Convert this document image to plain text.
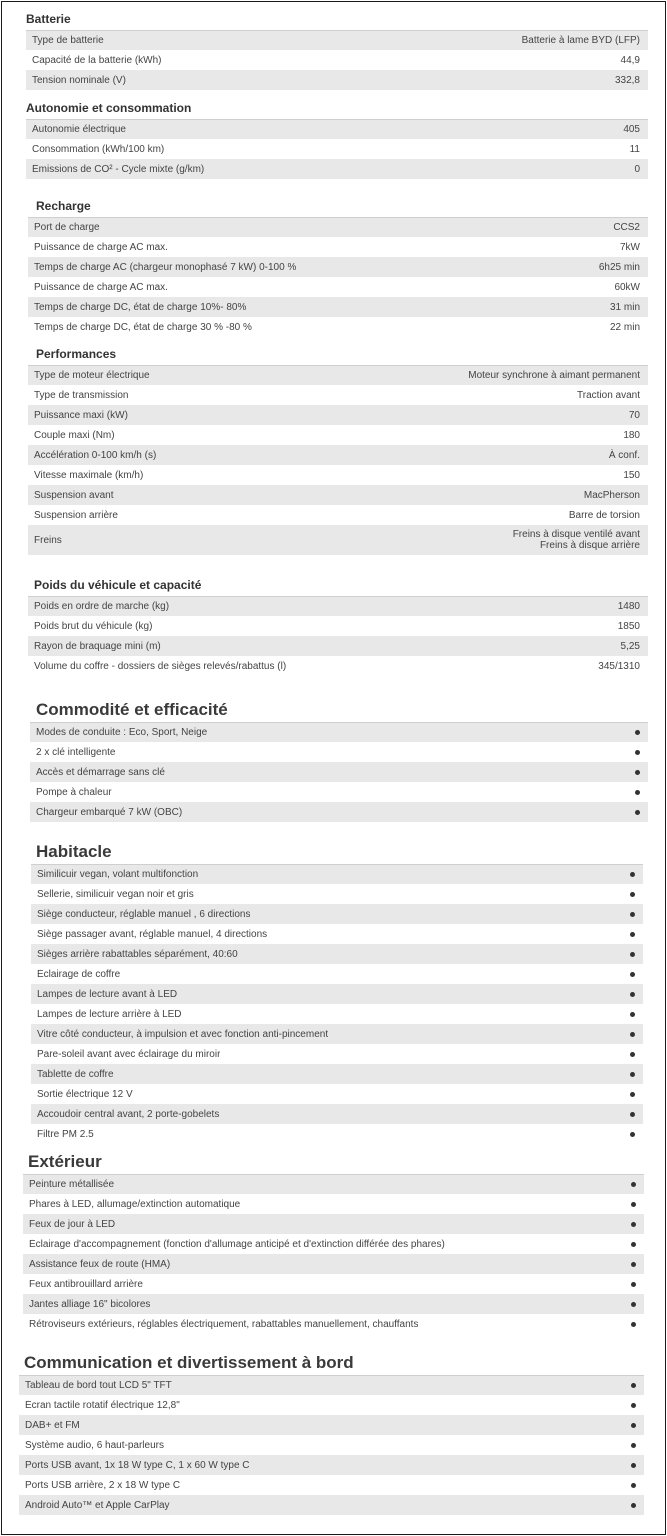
Batterie
Type de batterie	Batterie à lame BYD (LFP)
Capacité de la batterie (kWh)	44,9
Tension nominale (V)	332,8
Autonomie et consommation
Autonomie électrique	405
Consommation (kWh/100 km)	11
Émissions de CO² - Cycle mixte (g/km)	0
Recharge
Port de charge	CCS2
Puissance de charge AC max.	7kW
Temps de charge AC (chargeur monophasé 7 kW) 0-100 %	6h25 min
Puissance de charge AC max.	60kW
Temps de charge DC, état de charge 10%- 80%	31 min
Temps de charge DC, état de charge 30 % -80 %	22 min
Performances
Type de moteur électrique	Moteur synchrone à aimant permanent
Type de transmission	Traction avant
Puissance maxi (kW)	70
Couple maxi (Nm)	180
Accélération 0-100 km/h (s)	À conf.
Vitesse maximale (km/h)	150
Suspension avant	MacPherson
Suspension arrière	Barre de torsion
Freins	Freins à disque ventilé avant
Freins à disque arrière
Poids du véhicule et capacité
Poids en ordre de marche (kg)	1480
Poids brut du véhicule (kg)	1850
Rayon de braquage mini (m)	5,25
Volume du coffre - dossiers de sièges relevés/rabattus (l)	345/1310
Commodité et efficacité
Modes de conduite : Eco, Sport, Neige
2 x clé intelligente
Accès et démarrage sans clé
Pompe à chaleur
Chargeur embarqué 7 kW (OBC)
Habitacle
Similicuir vegan, volant multifonction
Sellerie, similicuir vegan noir et gris
Siège conducteur, réglable manuel , 6 directions
Siège passager avant, réglable manuel, 4 directions
Sièges arrière rabattables séparément, 40:60
Éclairage de coffre
Lampes de lecture avant à LED
Lampes de lecture arrière à LED
Vitre côté conducteur, à impulsion et avec fonction anti-pincement
Pare-soleil avant avec éclairage du miroir
Tablette de coffre
Sortie électrique 12 V
Accoudoir central avant, 2 porte-gobelets
Filtre PM 2.5
Extérieur
Peinture métallisée
Phares à LED, allumage/extinction automatique
Feux de jour à LED
Éclairage d'accompagnement (fonction d'allumage anticipé et d'extinction différée des phares)
Assistance feux de route (HMA)
Feux antibrouillard arrière
Jantes alliage 16" bicolores
Rétroviseurs extérieurs, réglables électriquement, rabattables manuellement, chauffants
Communication et divertissement à bord
Tableau de bord tout LCD 5" TFT
Écran tactile rotatif électrique 12,8"
DAB+ et FM
Système audio, 6 haut-parleurs
Ports USB avant, 1x 18 W type C, 1 x 60 W type C
Ports USB arrière, 2 x 18 W type C
Android Auto™ et Apple CarPlay
